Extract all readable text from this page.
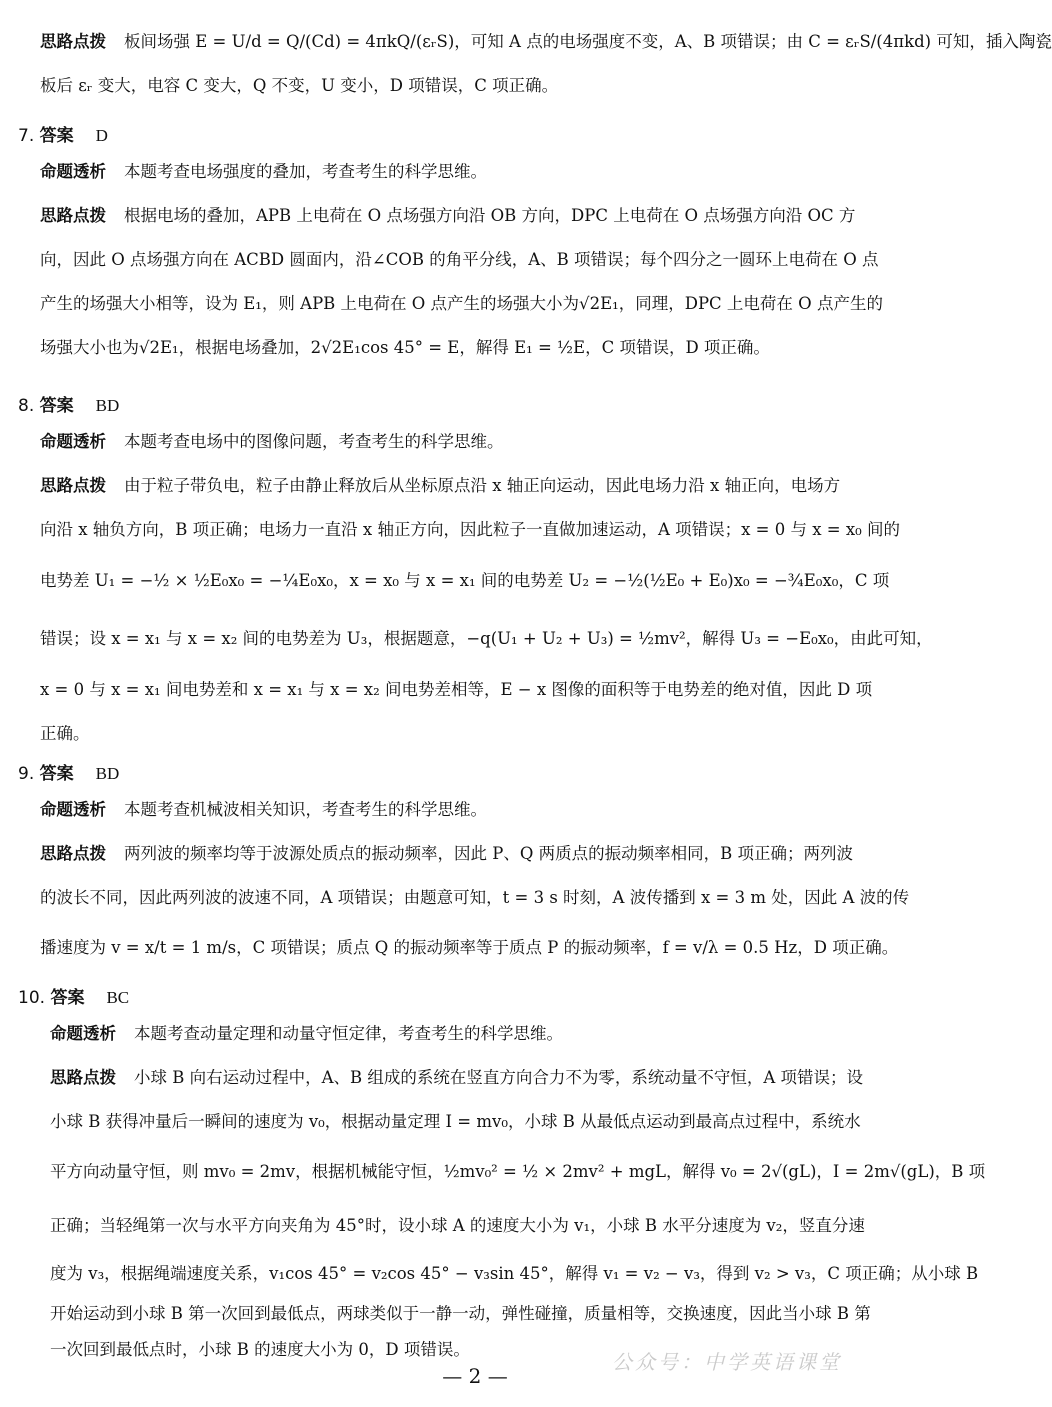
思路点拨 板间场强 E = U/d = Q/(Cd) = 4πkQ/(εᵣS)，可知 A 点的电场强度不变，A、B 项错误；由 C = εᵣS/(4πkd) 可知，插入陶瓷
板后 εᵣ 变大，电容 C 变大，Q 不变，U 变小，D 项错误，C 项正确。
7. 答案 D
命题透析 本题考查电场强度的叠加，考查考生的科学思维。
思路点拨 根据电场的叠加，APB 上电荷在 O 点场强方向沿 OB 方向，DPC 上电荷在 O 点场强方向沿 OC 方
向，因此 O 点场强方向在 ACBD 圆面内，沿∠COB 的角平分线，A、B 项错误；每个四分之一圆环上电荷在 O 点
产生的场强大小相等，设为 E₁，则 APB 上电荷在 O 点产生的场强大小为√2E₁，同理，DPC 上电荷在 O 点产生的
场强大小也为√2E₁，根据电场叠加，2√2E₁cos 45° = E，解得 E₁ = ½E，C 项错误，D 项正确。
8. 答案 BD
命题透析 本题考查电场中的图像问题，考查考生的科学思维。
思路点拨 由于粒子带负电，粒子由静止释放后从坐标原点沿 x 轴正向运动，因此电场力沿 x 轴正向，电场方
向沿 x 轴负方向，B 项正确；电场力一直沿 x 轴正方向，因此粒子一直做加速运动，A 项错误；x = 0 与 x = x₀ 间的
电势差 U₁ = −½ × ½E₀x₀ = −¼E₀x₀，x = x₀ 与 x = x₁ 间的电势差 U₂ = −½(½E₀ + E₀)x₀ = −¾E₀x₀，C 项
错误；设 x = x₁ 与 x = x₂ 间的电势差为 U₃，根据题意，−q(U₁ + U₂ + U₃) = ½mv²，解得 U₃ = −E₀x₀，由此可知，
x = 0 与 x = x₁ 间电势差和 x = x₁ 与 x = x₂ 间电势差相等，E − x 图像的面积等于电势差的绝对值，因此 D 项
正确。
9. 答案 BD
命题透析 本题考查机械波相关知识，考查考生的科学思维。
思路点拨 两列波的频率均等于波源处质点的振动频率，因此 P、Q 两质点的振动频率相同，B 项正确；两列波
的波长不同，因此两列波的波速不同，A 项错误；由题意可知，t = 3 s 时刻，A 波传播到 x = 3 m 处，因此 A 波的传
播速度为 v = x/t = 1 m/s，C 项错误；质点 Q 的振动频率等于质点 P 的振动频率，f = v/λ = 0.5 Hz，D 项正确。
10. 答案 BC
命题透析 本题考查动量定理和动量守恒定律，考查考生的科学思维。
思路点拨 小球 B 向右运动过程中，A、B 组成的系统在竖直方向合力不为零，系统动量不守恒，A 项错误；设
小球 B 获得冲量后一瞬间的速度为 v₀，根据动量定理 I = mv₀，小球 B 从最低点运动到最高点过程中，系统水
平方向动量守恒，则 mv₀ = 2mv，根据机械能守恒，½mv₀² = ½ × 2mv² + mgL，解得 v₀ = 2√(gL)，I = 2m√(gL)，B 项
正确；当轻绳第一次与水平方向夹角为 45°时，设小球 A 的速度大小为 v₁，小球 B 水平分速度为 v₂，竖直分速
度为 v₃，根据绳端速度关系，v₁cos 45° = v₂cos 45° − v₃sin 45°，解得 v₁ = v₂ − v₃，得到 v₂ > v₃，C 项正确；从小球 B
开始运动到小球 B 第一次回到最低点，两球类似于一静一动，弹性碰撞，质量相等，交换速度，因此当小球 B 第
一次回到最低点时，小球 B 的速度大小为 0，D 项错误。
公众号：中学英语课堂
— 2 —
